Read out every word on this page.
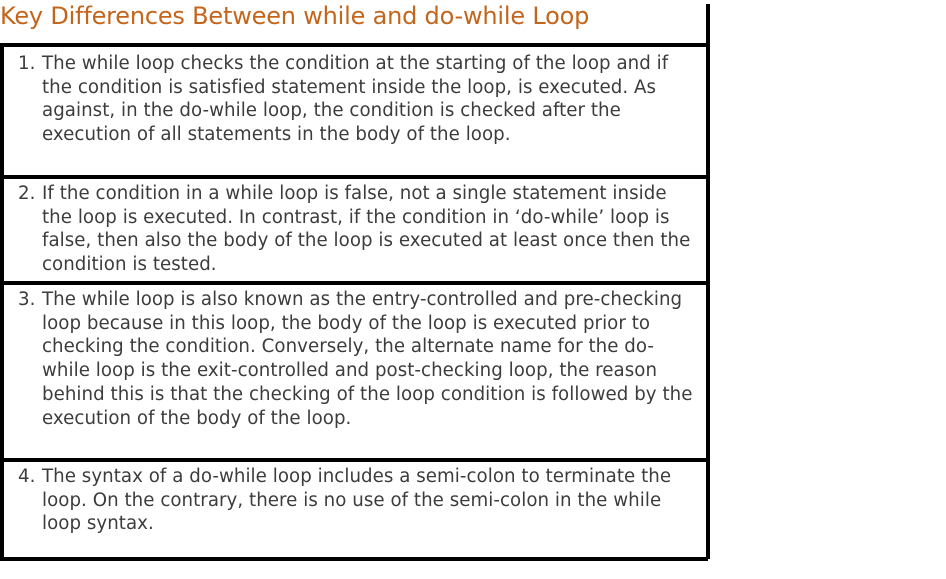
Key Differences Between while and do-while Loop
1. The while loop checks the condition at the starting of the loop and if the condition is satisfied statement inside the loop, is executed. As against, in the do-while loop, the condition is checked after the execution of all statements in the body of the loop.
2. If the condition in a while loop is false, not a single statement inside the loop is executed. In contrast, if the condition in ‘do-while’ loop is false, then also the body of the loop is executed at least once then the condition is tested.
3. The while loop is also known as the entry-controlled and pre-checking loop because in this loop, the body of the loop is executed prior to checking the condition. Conversely, the alternate name for the do-while loop is the exit-controlled and post-checking loop, the reason behind this is that the checking of the loop condition is followed by the execution of the body of the loop.
4. The syntax of a do-while loop includes a semi-colon to terminate the loop. On the contrary, there is no use of the semi-colon in the while loop syntax.
